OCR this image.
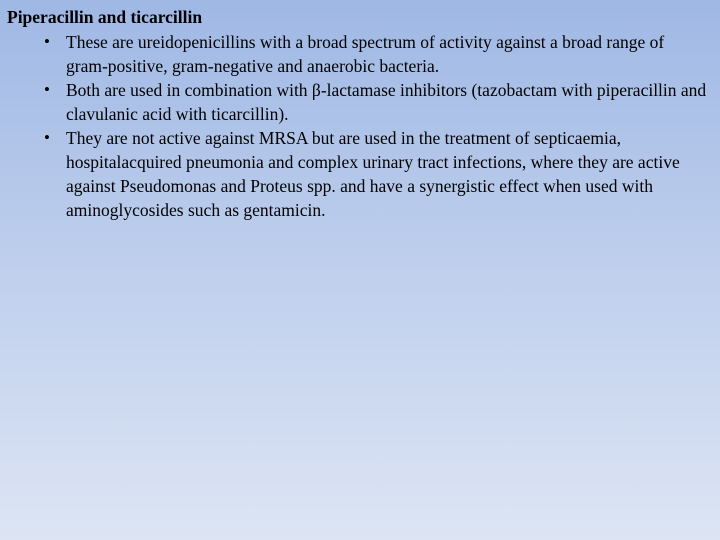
Piperacillin and ticarcillin
• These are ureidopenicillins with a broad spectrum of activity against a broad range of gram-positive, gram-negative and anaerobic bacteria.
• Both are used in combination with β-lactamase inhibitors (tazobactam with piperacillin and clavulanic acid with ticarcillin).
• They are not active against MRSA but are used in the treatment of septicaemia, hospitalacquired pneumonia and complex urinary tract infections, where they are active against Pseudomonas and Proteus spp. and have a synergistic effect when used with aminoglycosides such as gentamicin.
